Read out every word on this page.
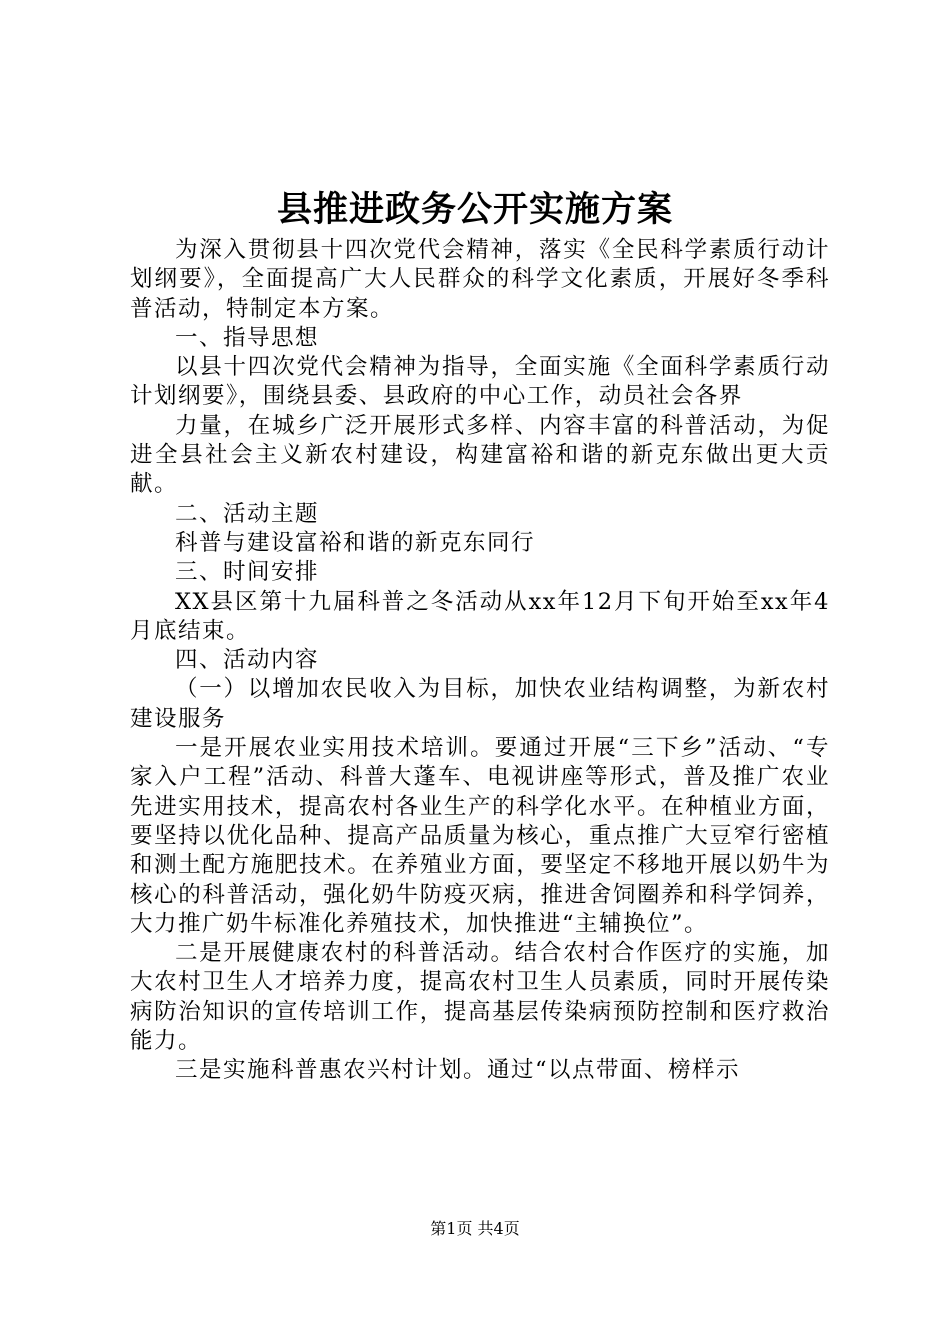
县推进政务公开实施方案

为深入贯彻县十四次党代会精神，落实《全民科学素质行动计划纲要》，全面提高广大人民群众的科学文化素质，开展好冬季科普活动，特制定本方案。

一、指导思想

以县十四次党代会精神为指导，全面实施《全面科学素质行动计划纲要》，围绕县委、县政府的中心工作，动员社会各界

力量，在城乡广泛开展形式多样、内容丰富的科普活动，为促进全县社会主义新农村建设，构建富裕和谐的新克东做出更大贡献。

二、活动主题

科普与建设富裕和谐的新克东同行

三、时间安排

XX县区第十九届科普之冬活动从xx年12月下旬开始至xx年4月底结束。

四、活动内容

（一）以增加农民收入为目标，加快农业结构调整，为新农村建设服务

一是开展农业实用技术培训。要通过开展“三下乡”活动、“专家入户工程”活动、科普大蓬车、电视讲座等形式，普及推广农业先进实用技术，提高农村各业生产的科学化水平。在种植业方面，要坚持以优化品种、提高产品质量为核心，重点推广大豆窄行密植和测土配方施肥技术。在养殖业方面，要坚定不移地开展以奶牛为核心的科普活动，强化奶牛防疫灭病，推进舍饲圈养和科学饲养，大力推广奶牛标准化养殖技术，加快推进“主辅换位”。

二是开展健康农村的科普活动。结合农村合作医疗的实施，加大农村卫生人才培养力度，提高农村卫生人员素质，同时开展传染病防治知识的宣传培训工作，提高基层传染病预防控制和医疗救治能力。

三是实施科普惠农兴村计划。通过“以点带面、榜样示

第1页 共4页
